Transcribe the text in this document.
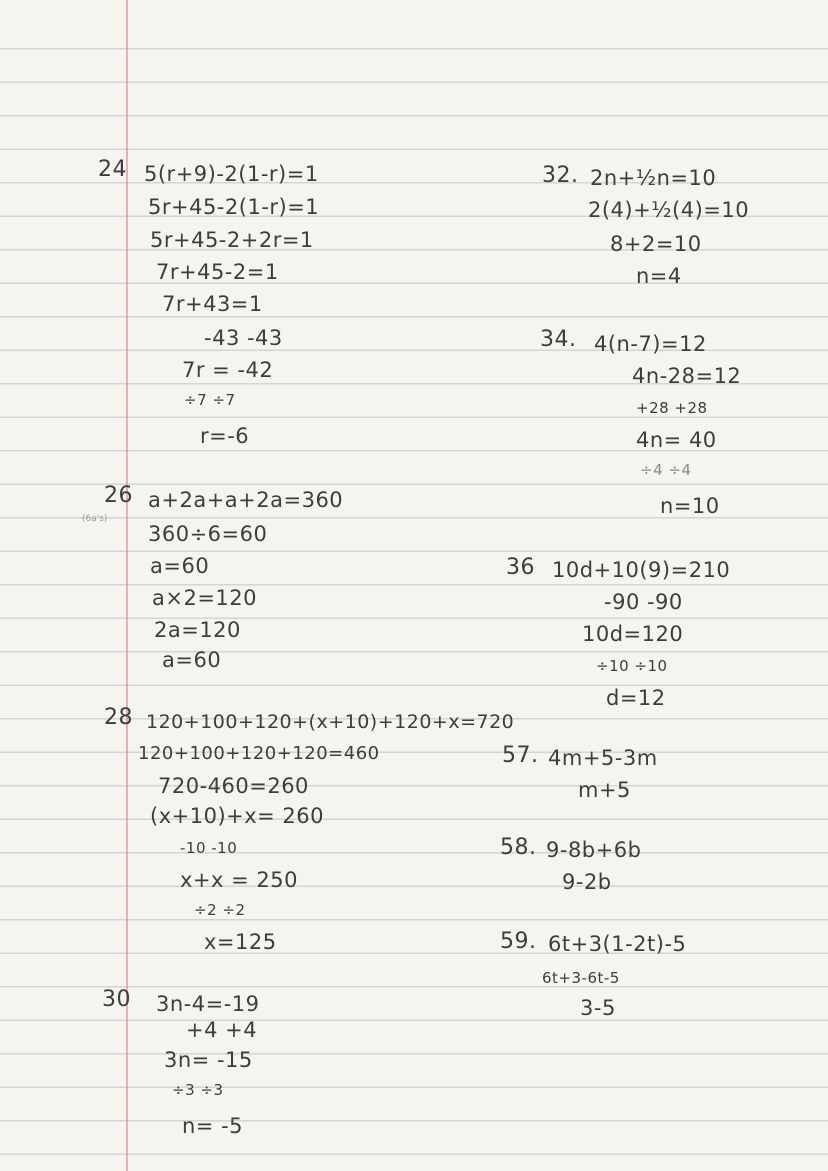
24 5(r+9)-2(1-r)=1
5r+45-2(1-r)=1
5r+45-2+2r=1
7r+45-2=1
7r+43=1
-43 -43
7r = -42
÷7 ÷7
r=-6
26
(6a's)
a+2a+a+2a=360
360÷6=60
a=60
a×2=120
2a=120
a=60
28 120+100+120+(x+10)+120+x=720
120+100+120+120=460
720-460=260
(x+10)+x= 260
-10 -10
x+x = 250
÷2 ÷2
x=125
30 3n-4=-19
+4 +4
3n= -15
÷3 ÷3
n= -5
32. 2n+½n=10
2(4)+½(4)=10
8+2=10
n=4
34. 4(n-7)=12
4n-28=12
+28 +28
4n= 40
÷4 ÷4
n=10
36 10d+10(9)=210
-90 -90
10d=120
÷10 ÷10
d=12
57. 4m+5-3m
m+5
58. 9-8b+6b
9-2b
59. 6t+3(1-2t)-5
6t+3-6t-5
3-5
